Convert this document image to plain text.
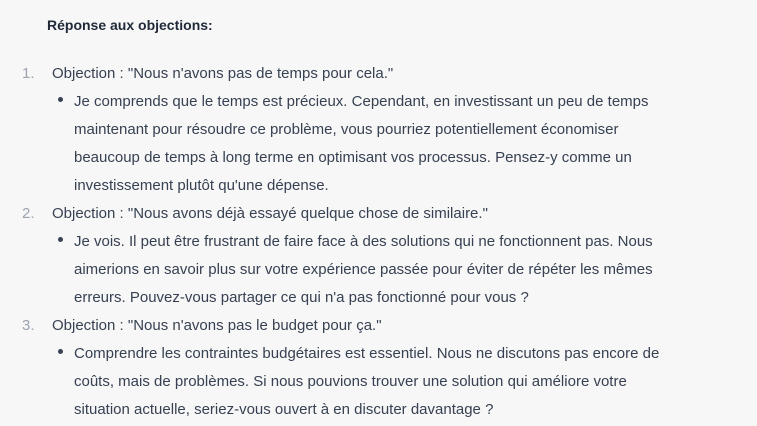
Réponse aux objections:
1.	Objection : "Nous n'avons pas de temps pour cela."
Je comprends que le temps est précieux. Cependant, en investissant un peu de temps
maintenant pour résoudre ce problème, vous pourriez potentiellement économiser
beaucoup de temps à long terme en optimisant vos processus. Pensez-y comme un
investissement plutôt qu'une dépense.
2.	Objection : "Nous avons déjà essayé quelque chose de similaire."
Je vois. Il peut être frustrant de faire face à des solutions qui ne fonctionnent pas. Nous
aimerions en savoir plus sur votre expérience passée pour éviter de répéter les mêmes
erreurs. Pouvez-vous partager ce qui n'a pas fonctionné pour vous ?
3.	Objection : "Nous n'avons pas le budget pour ça."
Comprendre les contraintes budgétaires est essentiel. Nous ne discutons pas encore de
coûts, mais de problèmes. Si nous pouvions trouver une solution qui améliore votre
situation actuelle, seriez-vous ouvert à en discuter davantage ?
